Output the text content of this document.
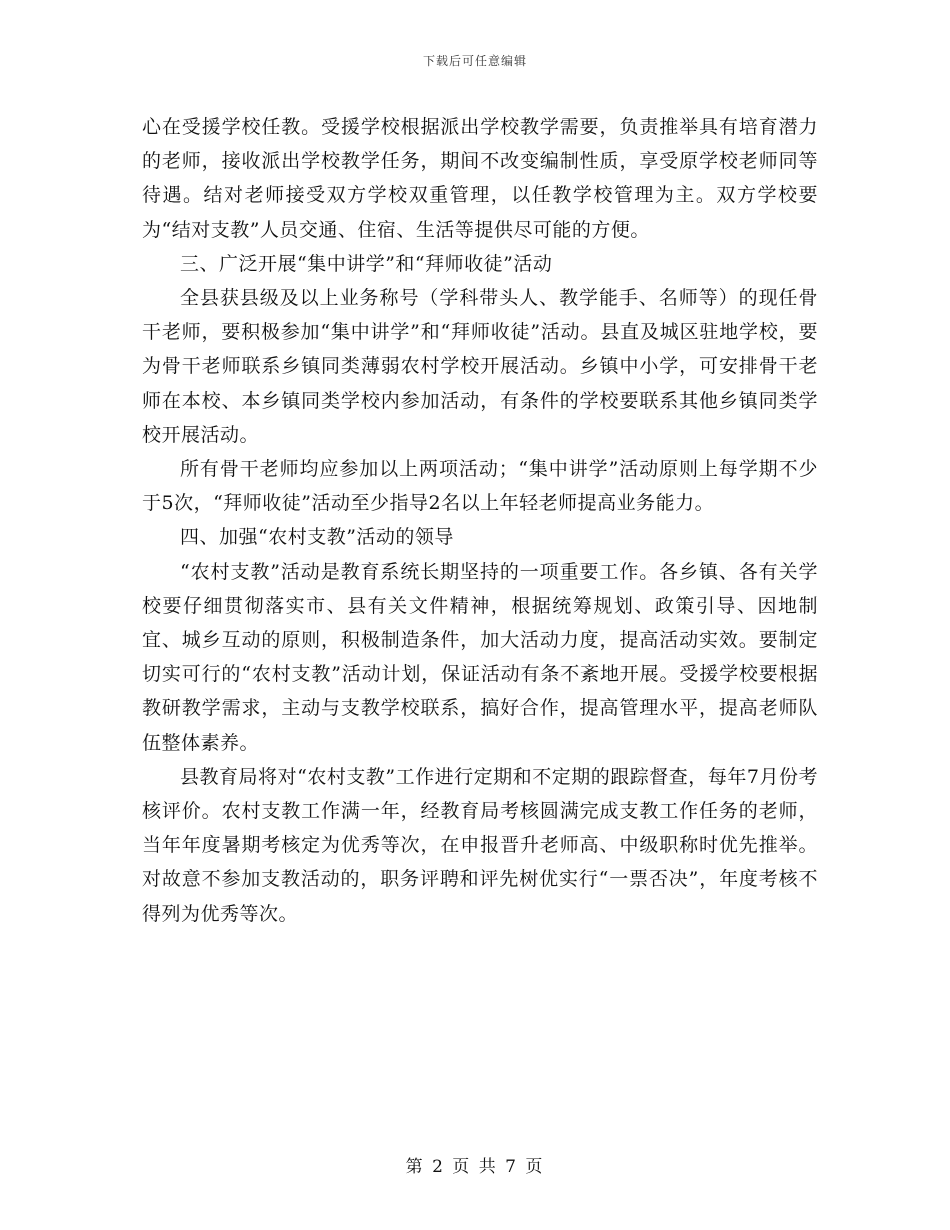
下载后可任意编辑

心在受援学校任教。受援学校根据派出学校教学需要，负责推举具有培育潜力的老师，接收派出学校教学任务，期间不改变编制性质，享受原学校老师同等待遇。结对老师接受双方学校双重管理，以任教学校管理为主。双方学校要为“结对支教”人员交通、住宿、生活等提供尽可能的方便。

三、广泛开展“集中讲学”和“拜师收徒”活动

全县获县级及以上业务称号（学科带头人、教学能手、名师等）的现任骨干老师，要积极参加“集中讲学”和“拜师收徒”活动。县直及城区驻地学校，要为骨干老师联系乡镇同类薄弱农村学校开展活动。乡镇中小学，可安排骨干老师在本校、本乡镇同类学校内参加活动，有条件的学校要联系其他乡镇同类学校开展活动。

所有骨干老师均应参加以上两项活动；“集中讲学”活动原则上每学期不少于5次，“拜师收徒”活动至少指导2名以上年轻老师提高业务能力。

四、加强“农村支教”活动的领导

“农村支教”活动是教育系统长期坚持的一项重要工作。各乡镇、各有关学校要仔细贯彻落实市、县有关文件精神，根据统筹规划、政策引导、因地制宜、城乡互动的原则，积极制造条件，加大活动力度，提高活动实效。要制定切实可行的“农村支教”活动计划，保证活动有条不紊地开展。受援学校要根据教研教学需求，主动与支教学校联系，搞好合作，提高管理水平，提高老师队伍整体素养。

县教育局将对“农村支教”工作进行定期和不定期的跟踪督查，每年7月份考核评价。农村支教工作满一年，经教育局考核圆满完成支教工作任务的老师，当年年度暑期考核定为优秀等次，在申报晋升老师高、中级职称时优先推举。对故意不参加支教活动的，职务评聘和评先树优实行“一票否决”，年度考核不得列为优秀等次。

第 2 页 共 7 页
